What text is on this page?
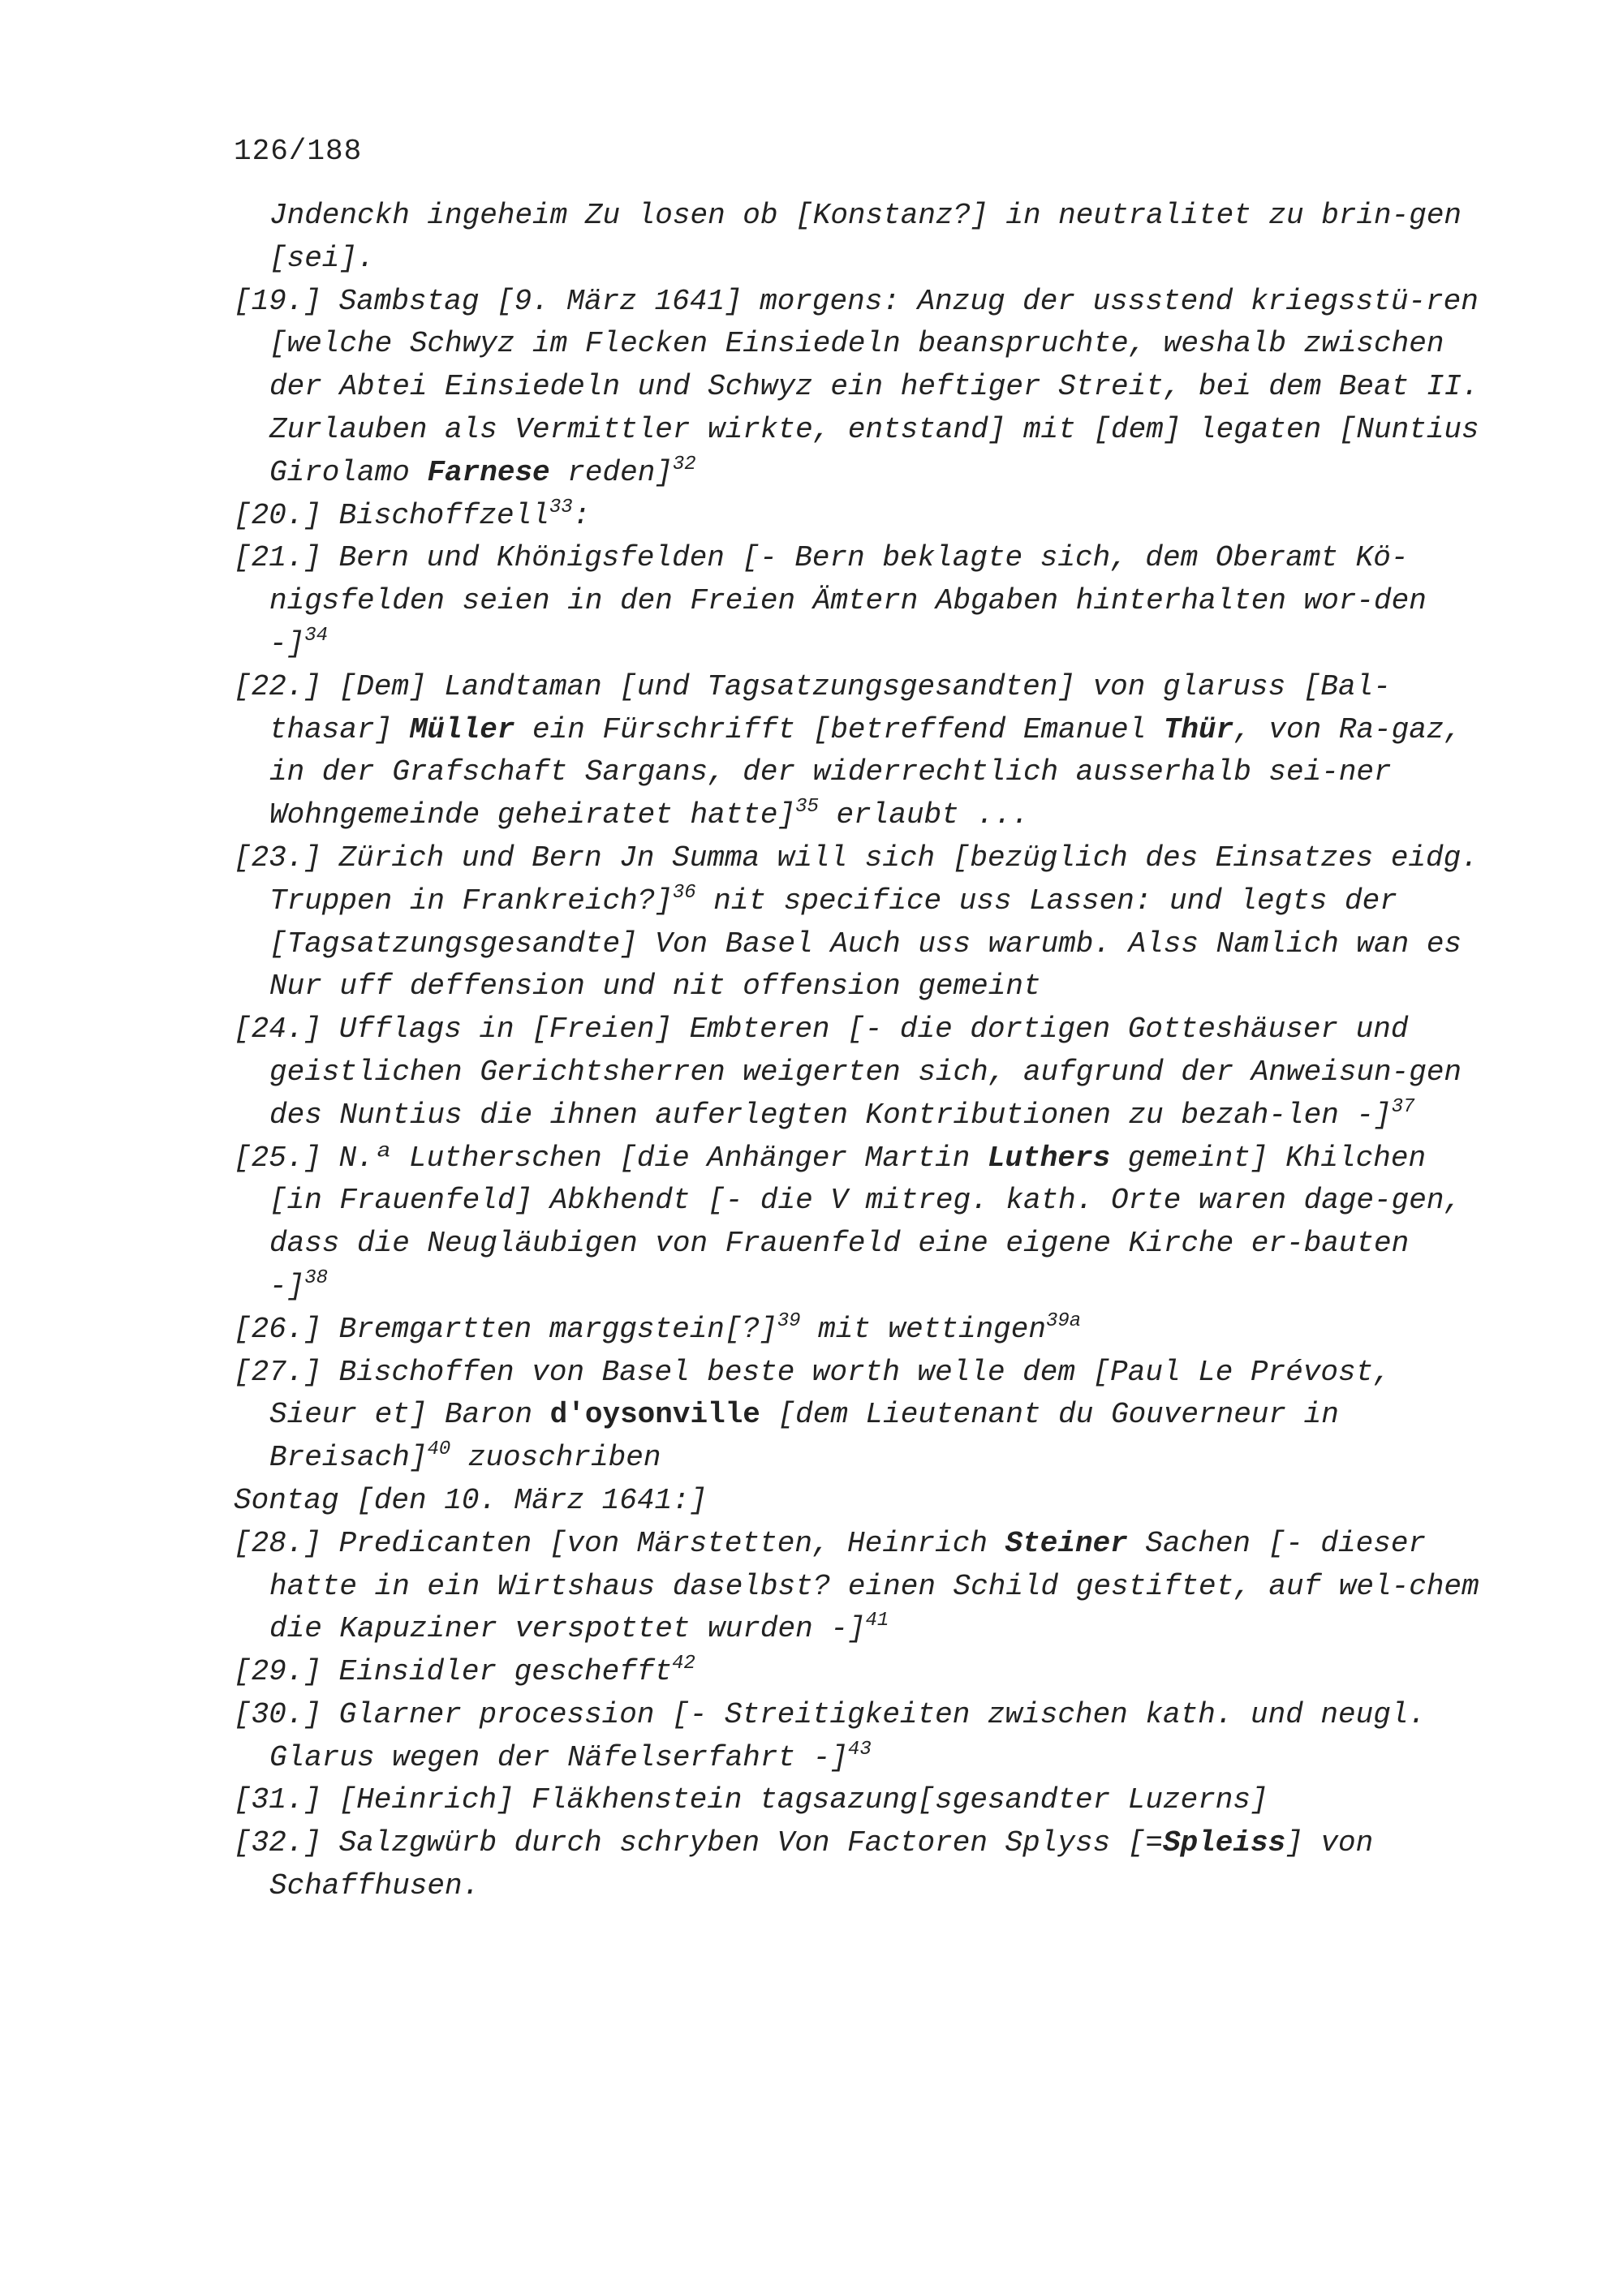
126/188
Jndenckh ingeheim Zu losen ob [Konstanz?] in neutralitet zu brin-gen [sei].
[19.] Sambstag [9. März 1641] morgens: Anzug der ussstend kriegsstü-ren [welche Schwyz im Flecken Einsiedeln beanspruchte, weshalb zwischen der Abtei Einsiedeln und Schwyz ein heftiger Streit, bei dem Beat II. Zurlauben als Vermittler wirkte, entstand] mit [dem] legaten [Nuntius Girolamo Farnese reden]$^{32}$
[20.] Bischoffzell$^{33}$:
[21.] Bern und Khönigsfelden [- Bern beklagte sich, dem Oberamt Kö-nigsfelden seien in den Freien Ämtern Abgaben hinterhalten wor-den -]$^{34}$
[22.] [Dem] Landtaman [und Tagsatzungsgesandten] von glaruss [Bal-thasar] Müller ein Fürschrifft [betreffend Emanuel Thür, von Ra-gaz, in der Grafschaft Sargans, der widerrechtlich ausserhalb sei-ner Wohngemeinde geheiratet hatte]$^{35}$ erlaubt ...
[23.] Zürich und Bern Jn Summa will sich [bezüglich des Einsatzes eidg. Truppen in Frankreich?]$^{36}$ nit specifice uss Lassen: und legts der [Tagsatzungsgesandte] Von Basel Auch uss warumb. Alss Namlich wan es Nur uff deffension und nit offension gemeint
[24.] Ufflags in [Freien] Embteren [- die dortigen Gotteshäuser und geistlichen Gerichtsherren weigerten sich, aufgrund der Anweisun-gen des Nuntius die ihnen auferlegten Kontributionen zu bezah-len -]$^{37}$
[25.] N.ª Lutherschen [die Anhänger Martin Luthers gemeint] Khilchen [in Frauenfeld] Abkhendt [- die V mitreg. kath. Orte waren dage-gen, dass die Neugläubigen von Frauenfeld eine eigene Kirche er-bauten -]$^{38}$
[26.] Bremgartten marggstein[?]$^{39}$ mit wettingen$^{39a}$
[27.] Bischoffen von Basel beste worth welle dem [Paul Le Prévost, Sieur et] Baron d'oysonville [dem Lieutenant du Gouverneur in Breisach]$^{40}$ zuoschriben
Sontag [den 10. März 1641:]
[28.] Predicanten [von Märstetten, Heinrich Steiner Sachen [- dieser hatte in ein Wirtshaus daselbst? einen Schild gestiftet, auf wel-chem die Kapuziner verspottet wurden -]$^{41}$
[29.] Einsidler geschefft$^{42}$
[30.] Glarner procession [- Streitigkeiten zwischen kath. und neugl. Glarus wegen der Näfelserfahrt -]$^{43}$
[31.] [Heinrich] Fläkhenstein tagsazung[sgesandter Luzerns]
[32.] Salzgwürb durch schryben Von Factoren Splyss [=Spleiss] von Schaffhusen.
